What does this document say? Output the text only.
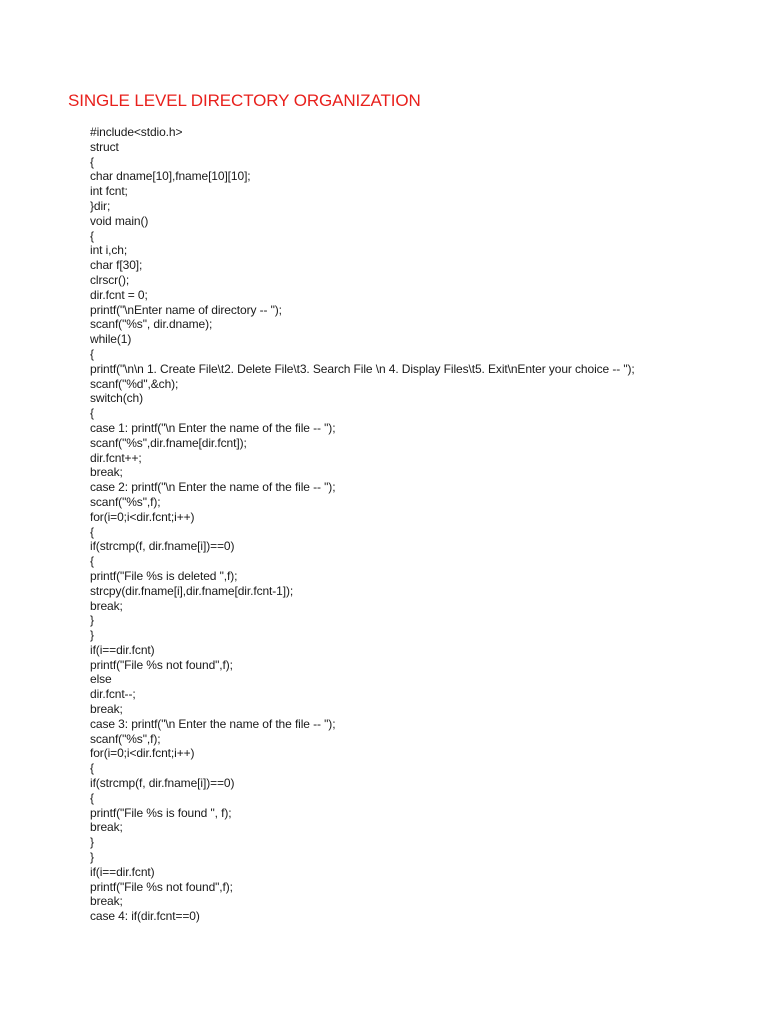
SINGLE LEVEL DIRECTORY ORGANIZATION
#include<stdio.h>
struct
{
char dname[10],fname[10][10];
int fcnt;
}dir;
void main()
{
int i,ch;
char f[30];
clrscr();
dir.fcnt = 0;
printf("\nEnter name of directory -- ");
scanf("%s", dir.dname);
while(1)
{
printf("\n\n 1. Create File\t2. Delete File\t3. Search File \n 4. Display Files\t5. Exit\nEnter your choice -- ");
scanf("%d",&ch);
switch(ch)
{
case 1: printf("\n Enter the name of the file -- ");
scanf("%s",dir.fname[dir.fcnt]);
dir.fcnt++;
break;
case 2: printf("\n Enter the name of the file -- ");
scanf("%s",f);
for(i=0;i<dir.fcnt;i++)
{
if(strcmp(f, dir.fname[i])==0)
{
printf("File %s is deleted ",f);
strcpy(dir.fname[i],dir.fname[dir.fcnt-1]);
break;
}
}
if(i==dir.fcnt)
printf("File %s not found",f);
else
dir.fcnt--;
break;
case 3: printf("\n Enter the name of the file -- ");
scanf("%s",f);
for(i=0;i<dir.fcnt;i++)
{
if(strcmp(f, dir.fname[i])==0)
{
printf("File %s is found ", f);
break;
}
}
if(i==dir.fcnt)
printf("File %s not found",f);
break;
case 4: if(dir.fcnt==0)
